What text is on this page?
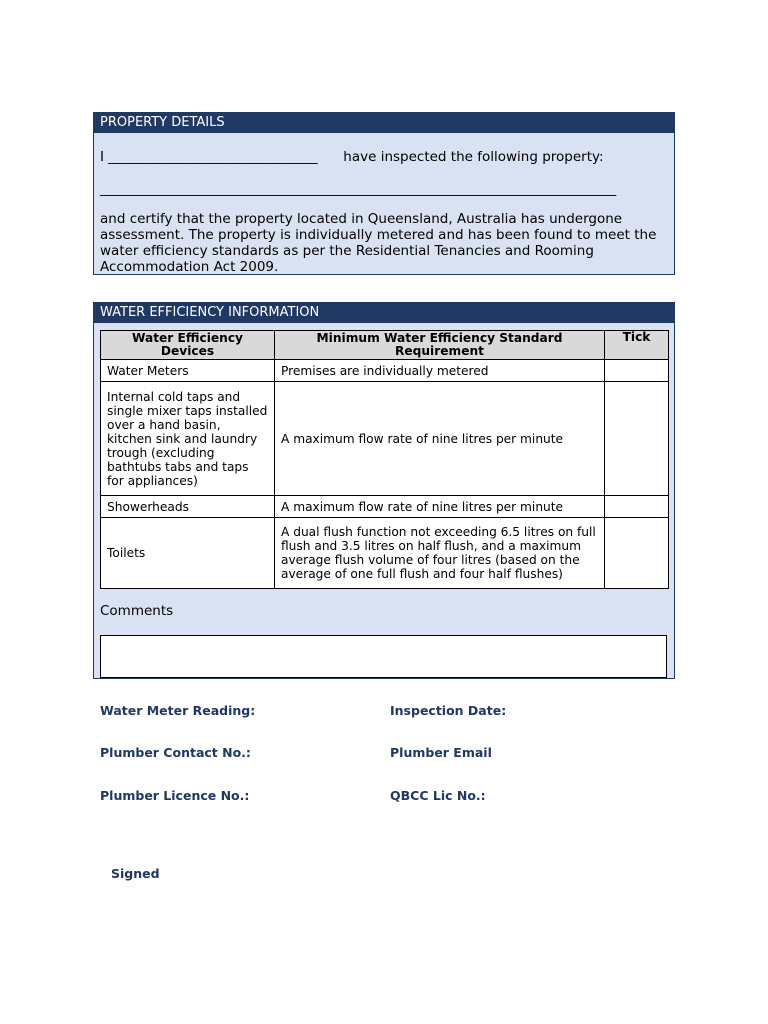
PROPERTY DETAILS
I _______________________________ have inspected the following property:
________________________________________________________________________________
and certify that the property located in Queensland, Australia has undergone assessment. The property is individually metered and has been found to meet the water efficiency standards as per the Residential Tenancies and Rooming Accommodation Act 2009.
WATER EFFICIENCY INFORMATION
Water Efficiency Devices	Minimum Water Efficiency Standard Requirement	Tick
Water Meters	Premises are individually metered	
Internal cold taps and single mixer taps installed over a hand basin, kitchen sink and laundry trough (excluding bathtubs tabs and taps for appliances)	A maximum flow rate of nine litres per minute	
Showerheads	A maximum flow rate of nine litres per minute	
Toilets	A dual flush function not exceeding 6.5 litres on full flush and 3.5 litres on half flush, and a maximum average flush volume of four litres (based on the average of one full flush and four half flushes)	
Comments
Water Meter Reading:	Inspection Date:
Plumber Contact No.:	Plumber Email
Plumber Licence No.:	QBCC Lic No.:
Signed
